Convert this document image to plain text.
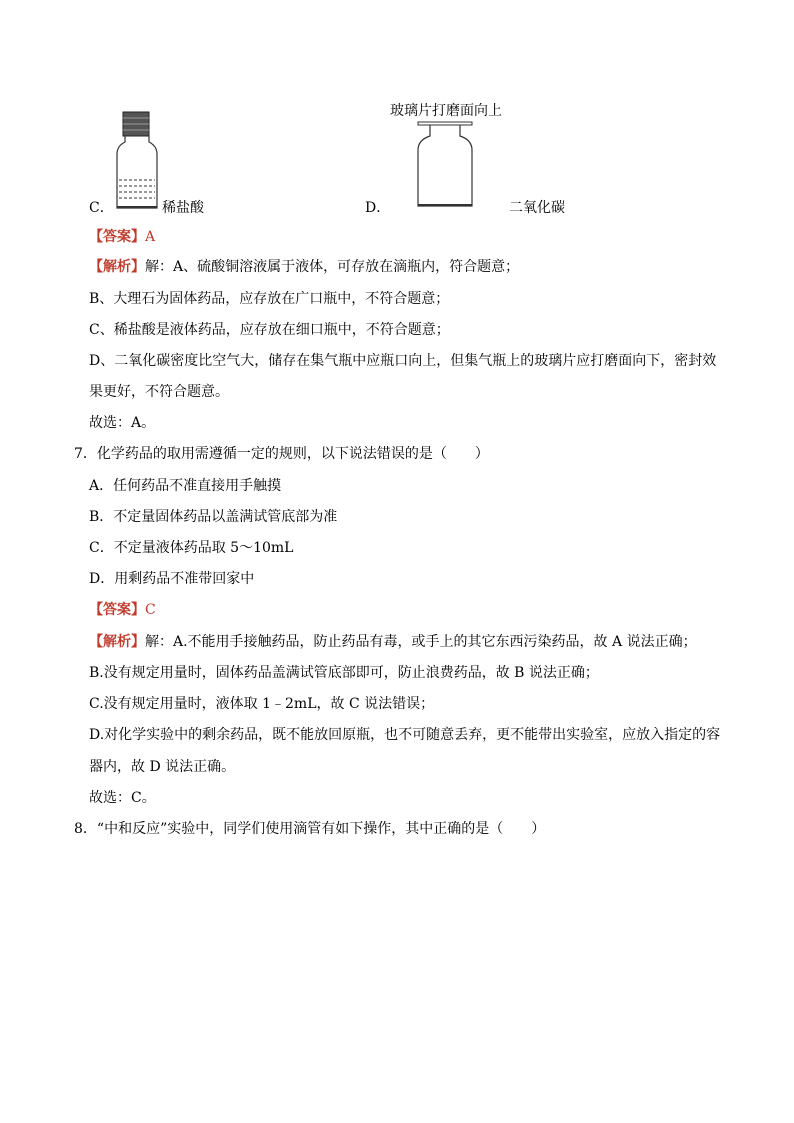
C．	稀盐酸
玻璃片打磨面向上
D．	二氧化碳
【答案】A
【解析】解：A、硫酸铜溶液属于液体，可存放在滴瓶内，符合题意；
B、大理石为固体药品，应存放在广口瓶中，不符合题意；
C、稀盐酸是液体药品，应存放在细口瓶中，不符合题意；
D、二氧化碳密度比空气大，储存在集气瓶中应瓶口向上，但集气瓶上的玻璃片应打磨面向下，密封效
果更好，不符合题意。
故选：A。
7．化学药品的取用需遵循一定的规则，以下说法错误的是（　　）
A．任何药品不准直接用手触摸
B．不定量固体药品以盖满试管底部为准
C．不定量液体药品取 5～10mL
D．用剩药品不准带回家中
【答案】C
【解析】解：A.不能用手接触药品，防止药品有毒，或手上的其它东西污染药品，故 A 说法正确；
B.没有规定用量时，固体药品盖满试管底部即可，防止浪费药品，故 B 说法正确；
C.没有规定用量时，液体取 1﹣2mL，故 C 说法错误；
D.对化学实验中的剩余药品，既不能放回原瓶，也不可随意丢弃，更不能带出实验室，应放入指定的容
器内，故 D 说法正确。
故选：C。
8．“中和反应”实验中，同学们使用滴管有如下操作，其中正确的是（　　）
